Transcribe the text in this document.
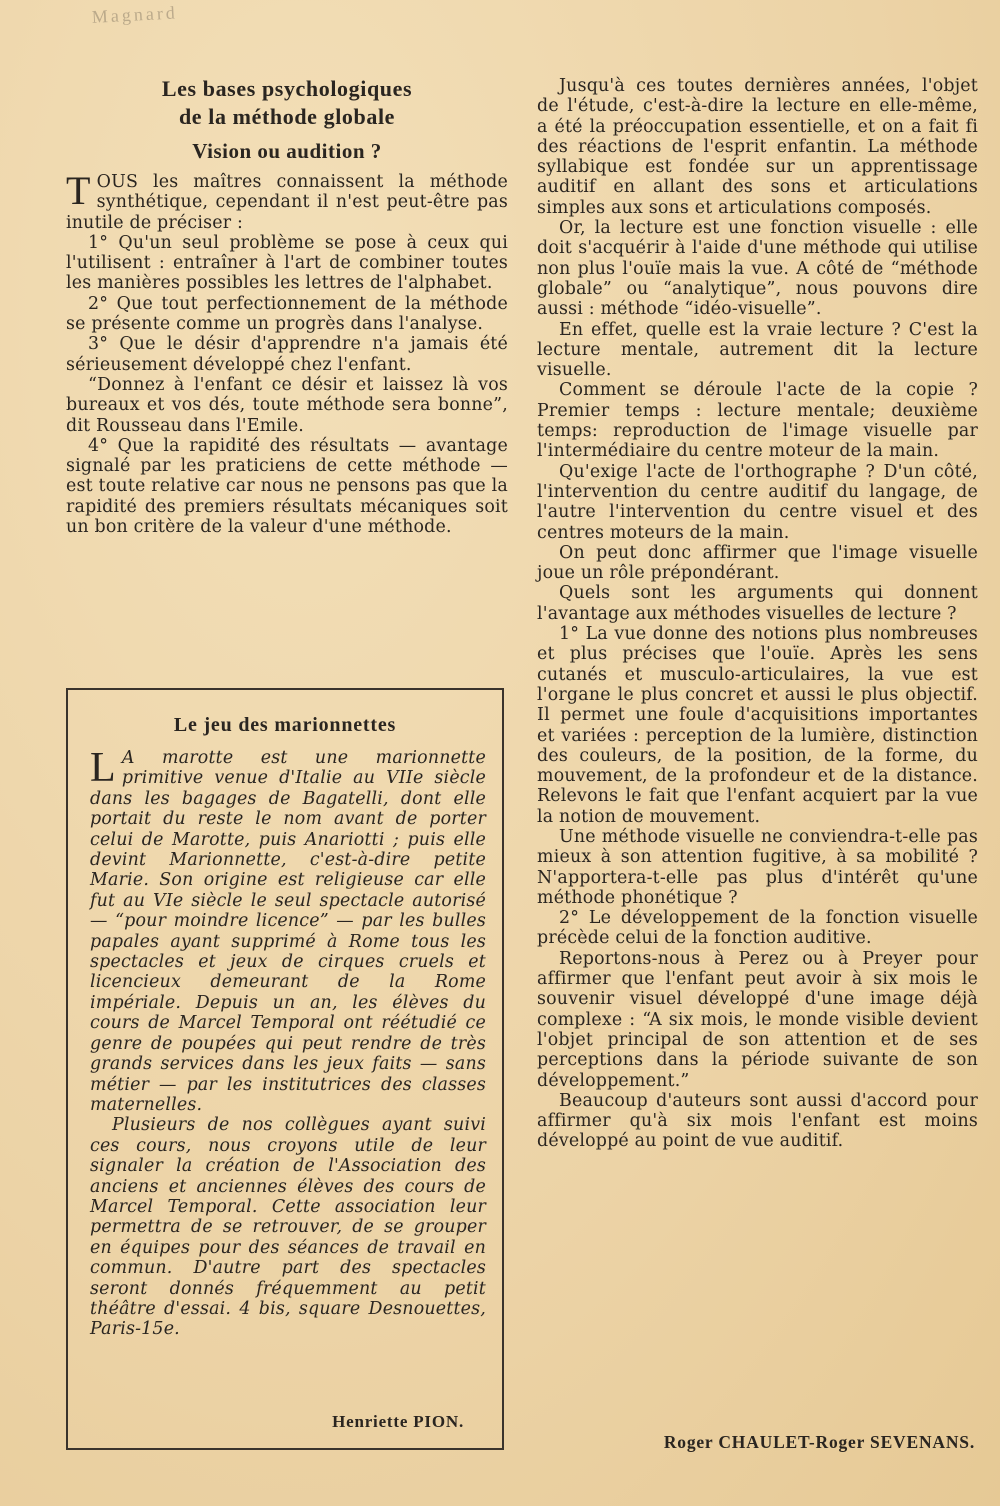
Magnard
Les bases psychologiques
de la méthode globale
Vision ou audition ?

TOUS les maîtres connaissent la méthode synthétique, cependant il n'est peut-être pas inutile de préciser :

1° Qu'un seul problème se pose à ceux qui l'utilisent : entraîner à l'art de combiner toutes les manières possibles les lettres de l'alphabet.

2° Que tout perfectionnement de la méthode se présente comme un progrès dans l'analyse.

3° Que le désir d'apprendre n'a jamais été sérieusement développé chez l'enfant.

“Donnez à l'enfant ce désir et laissez là vos bureaux et vos dés, toute méthode sera bonne”, dit Rousseau dans l'Emile.

4° Que la rapidité des résultats — avantage signalé par les praticiens de cette méthode — est toute relative car nous ne pensons pas que la rapidité des premiers résultats mécaniques soit un bon critère de la valeur d'une méthode.

Le jeu des marionnettes

L A marotte est une marionnette primitive venue d'Italie au VIIe siècle dans les bagages de Bagatelli, dont elle portait du reste le nom avant de porter celui de Marotte, puis Anariotti ; puis elle devint Marionnette, c'est-à-dire petite Marie. Son origine est religieuse car elle fut au VIe siècle le seul spectacle autorisé — “pour moindre licence” — par les bulles papales ayant supprimé à Rome tous les spectacles et jeux de cirques cruels et licencieux demeurant de la Rome impériale. Depuis un an, les élèves du cours de Marcel Temporal ont réétudié ce genre de poupées qui peut rendre de très grands services dans les jeux faits — sans métier — par les institutrices des classes maternelles.

Plusieurs de nos collègues ayant suivi ces cours, nous croyons utile de leur signaler la création de l'Association des anciens et anciennes élèves des cours de Marcel Temporal. Cette association leur permettra de se retrouver, de se grouper en équipes pour des séances de travail en commun. D'autre part des spectacles seront donnés fréquemment au petit théâtre d'essai. 4 bis, square Desnouettes, Paris-15e.

Henriette PION.

Jusqu'à ces toutes dernières années, l'objet de l'étude, c'est-à-dire la lecture en elle-même, a été la préoccupation essentielle, et on a fait fi des réactions de l'esprit enfantin. La méthode syllabique est fondée sur un apprentissage auditif en allant des sons et articulations simples aux sons et articulations composés.

Or, la lecture est une fonction visuelle : elle doit s'acquérir à l'aide d'une méthode qui utilise non plus l'ouïe mais la vue. A côté de “méthode globale” ou “analytique”, nous pouvons dire aussi : méthode “idéo-visuelle”.

En effet, quelle est la vraie lecture ? C'est la lecture mentale, autrement dit la lecture visuelle.

Comment se déroule l'acte de la copie ? Premier temps : lecture mentale; deuxième temps: reproduction de l'image visuelle par l'intermédiaire du centre moteur de la main.

Qu'exige l'acte de l'orthographe ? D'un côté, l'intervention du centre auditif du langage, de l'autre l'intervention du centre visuel et des centres moteurs de la main.

On peut donc affirmer que l'image visuelle joue un rôle prépondérant.

Quels sont les arguments qui donnent l'avantage aux méthodes visuelles de lecture ?

1° La vue donne des notions plus nombreuses et plus précises que l'ouïe. Après les sens cutanés et musculo-articulaires, la vue est l'organe le plus concret et aussi le plus objectif. Il permet une foule d'acquisitions importantes et variées : perception de la lumière, distinction des couleurs, de la position, de la forme, du mouvement, de la profondeur et de la distance. Relevons le fait que l'enfant acquiert par la vue la notion de mouvement.

Une méthode visuelle ne conviendra-t-elle pas mieux à son attention fugitive, à sa mobilité ? N'apportera-t-elle pas plus d'intérêt qu'une méthode phonétique ?

2° Le développement de la fonction visuelle précède celui de la fonction auditive.

Reportons-nous à Perez ou à Preyer pour affirmer que l'enfant peut avoir à six mois le souvenir visuel développé d'une image déjà complexe : “A six mois, le monde visible devient l'objet principal de son attention et de ses perceptions dans la période suivante de son développement.”

Beaucoup d'auteurs sont aussi d'accord pour affirmer qu'à six mois l'enfant est moins développé au point de vue auditif.

Roger CHAULET-Roger SEVENANS.
